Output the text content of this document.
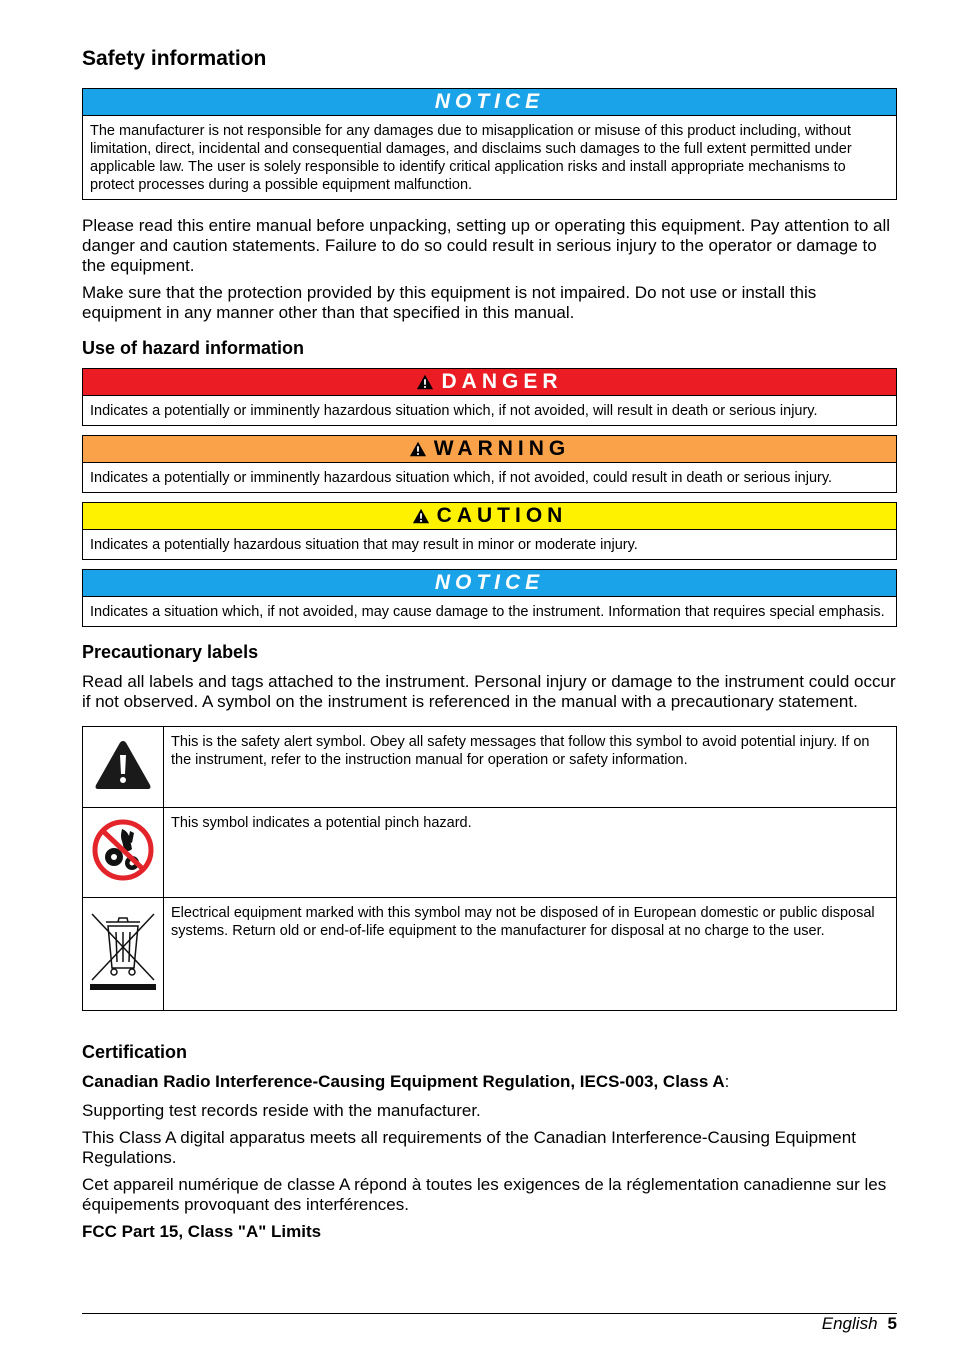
Safety information
NOTICE
The manufacturer is not responsible for any damages due to misapplication or misuse of this product including, without limitation, direct, incidental and consequential damages, and disclaims such damages to the full extent permitted under applicable law. The user is solely responsible to identify critical application risks and install appropriate mechanisms to protect processes during a possible equipment malfunction.

Please read this entire manual before unpacking, setting up or operating this equipment. Pay attention to all danger and caution statements. Failure to do so could result in serious injury to the operator or damage to the equipment.

Make sure that the protection provided by this equipment is not impaired. Do not use or install this equipment in any manner other than that specified in this manual.

Use of hazard information
DANGER
Indicates a potentially or imminently hazardous situation which, if not avoided, will result in death or serious injury.
WARNING
Indicates a potentially or imminently hazardous situation which, if not avoided, could result in death or serious injury.
CAUTION
Indicates a potentially hazardous situation that may result in minor or moderate injury.
NOTICE
Indicates a situation which, if not avoided, may cause damage to the instrument. Information that requires special emphasis.
Precautionary labels

Read all labels and tags attached to the instrument. Personal injury or damage to the instrument could occur if not observed. A symbol on the instrument is referenced in the manual with a precautionary statement.

	This is the safety alert symbol. Obey all safety messages that follow this symbol to avoid potential injury. If on the instrument, refer to the instruction manual for operation or safety information.
	This symbol indicates a potential pinch hazard.
	Electrical equipment marked with this symbol may not be disposed of in European domestic or public disposal systems. Return old or end-of-life equipment to the manufacturer for disposal at no charge to the user.
Certification

Canadian Radio Interference-Causing Equipment Regulation, IECS-003, Class A:

Supporting test records reside with the manufacturer.

This Class A digital apparatus meets all requirements of the Canadian Interference-Causing Equipment Regulations.

Cet appareil numérique de classe A répond à toutes les exigences de la réglementation canadienne sur les équipements provoquant des interférences.

FCC Part 15, Class "A" Limits

English 5
